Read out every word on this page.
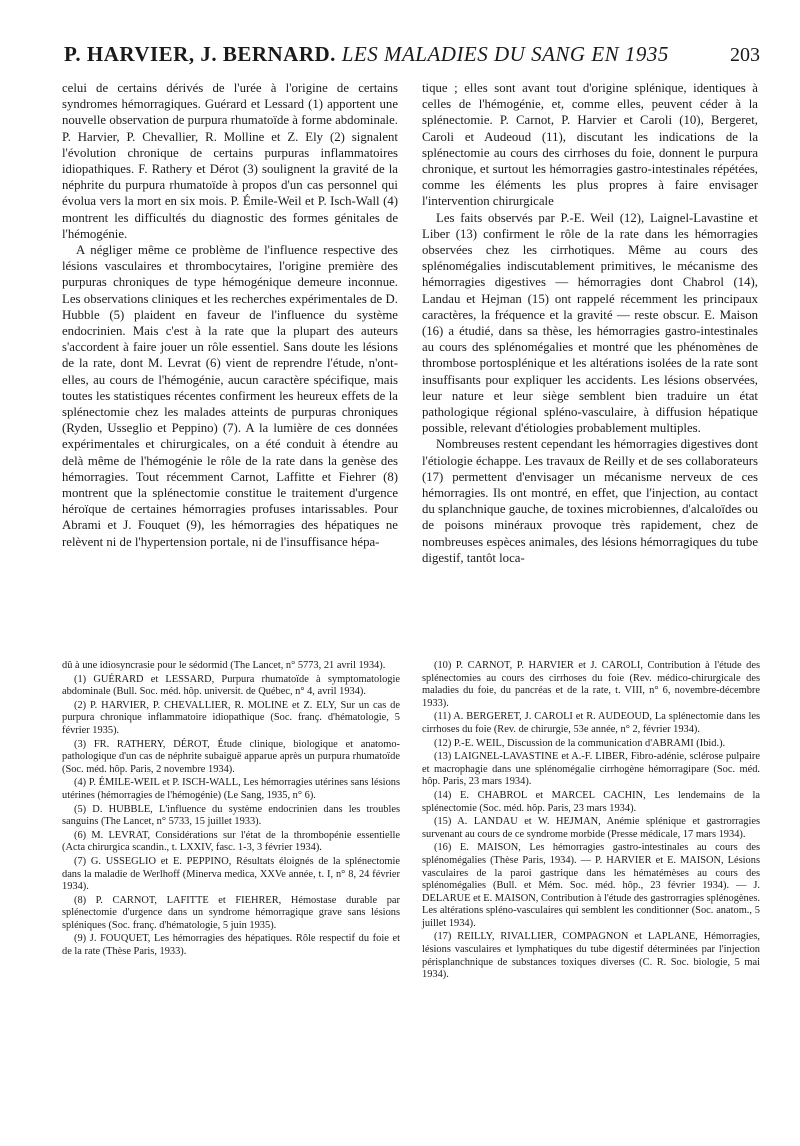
P. HARVIER, J. BERNARD. LES MALADIES DU SANG EN 1935	203

celui de certains dérivés de l'urée à l'origine de certains syndromes hémorragiques. Guérard et Lessard (1) apportent une nouvelle observation de purpura rhumatoïde à forme abdominale. P. Harvier, P. Chevallier, R. Molline et Z. Ely (2) signalent l'évolution chronique de certains purpuras inflammatoires idiopathiques. F. Rathery et Dérot (3) soulignent la gravité de la néphrite du purpura rhumatoïde à propos d'un cas personnel qui évolua vers la mort en six mois. P. Émile-Weil et P. Isch-Wall (4) montrent les difficultés du diagnostic des formes génitales de l'hémogénie.

A négliger même ce problème de l'influence respective des lésions vasculaires et thrombocytaires, l'origine première des purpuras chroniques de type hémogénique demeure inconnue. Les observations cliniques et les recherches expérimentales de D. Hubble (5) plaident en faveur de l'influence du système endocrinien. Mais c'est à la rate que la plupart des auteurs s'accordent à faire jouer un rôle essentiel. Sans doute les lésions de la rate, dont M. Levrat (6) vient de reprendre l'étude, n'ont-elles, au cours de l'hémogénie, aucun caractère spécifique, mais toutes les statistiques récentes confirment les heureux effets de la splénectomie chez les malades atteints de purpuras chroniques (Ryden, Usseglio et Peppino) (7). A la lumière de ces données expérimentales et chirurgicales, on a été conduit à étendre au delà même de l'hémogénie le rôle de la rate dans la genèse des hémorragies. Tout récemment Carnot, Laffitte et Fiehrer (8) montrent que la splénectomie constitue le traitement d'urgence héroïque de certaines hémorragies profuses intarissables. Pour Abrami et J. Fouquet (9), les hémorragies des hépatiques ne relèvent ni de l'hypertension portale, ni de l'insuffisance hépa-

tique ; elles sont avant tout d'origine splénique, identiques à celles de l'hémogénie, et, comme elles, peuvent céder à la splénectomie. P. Carnot, P. Harvier et Caroli (10), Bergeret, Caroli et Audeoud (11), discutant les indications de la splénectomie au cours des cirrhoses du foie, donnent le purpura chronique, et surtout les hémorragies gastro-intestinales répétées, comme les éléments les plus propres à faire envisager l'intervention chirurgicale

Les faits observés par P.-E. Weil (12), Laignel-Lavastine et Liber (13) confirment le rôle de la rate dans les hémorragies observées chez les cirrhotiques. Même au cours des splénomégalies indiscutablement primitives, le mécanisme des hémorragies digestives — hémorragies dont Chabrol (14), Landau et Hejman (15) ont rappelé récemment les principaux caractères, la fréquence et la gravité — reste obscur. E. Maison (16) a étudié, dans sa thèse, les hémorragies gastro-intestinales au cours des splénomégalies et montré que les phénomènes de thrombose portosplénique et les altérations isolées de la rate sont insuffisants pour expliquer les accidents. Les lésions observées, leur nature et leur siège semblent bien traduire un état pathologique régional spléno-vasculaire, à diffusion hépatique possible, relevant d'étiologies probablement multiples.

Nombreuses restent cependant les hémorragies digestives dont l'étiologie échappe. Les travaux de Reilly et de ses collaborateurs (17) permettent d'envisager un mécanisme nerveux de ces hémorragies. Ils ont montré, en effet, que l'injection, au contact du splanchnique gauche, de toxines microbiennes, d'alcaloïdes ou de poisons minéraux provoque très rapidement, chez de nombreuses espèces animales, des lésions hémorragiques du tube digestif, tantôt loca-

dû à une idiosyncrasie pour le sédormid (The Lancet, n° 5773, 21 avril 1934).

(1) GUÉRARD et LESSARD, Purpura rhumatoïde à symptomatologie abdominale (Bull. Soc. méd. hôp. universit. de Québec, n° 4, avril 1934).

(2) P. HARVIER, P. CHEVALLIER, R. MOLINE et Z. ELY, Sur un cas de purpura chronique inflammatoire idiopathique (Soc. franç. d'hématologie, 5 février 1935).

(3) FR. RATHERY, DÉROT, Étude clinique, biologique et anatomo-pathologique d'un cas de néphrite subaiguë apparue après un purpura rhumatoïde (Soc. méd. hôp. Paris, 2 novembre 1934).

(4) P. ÉMILE-WEIL et P. ISCH-WALL, Les hémorragies utérines sans lésions utérines (hémorragies de l'hémogénie) (Le Sang, 1935, n° 6).

(5) D. HUBBLE, L'influence du système endocrinien dans les troubles sanguins (The Lancet, n° 5733, 15 juillet 1933).

(6) M. LEVRAT, Considérations sur l'état de la thrombopénie essentielle (Acta chirurgica scandin., t. LXXIV, fasc. 1-3, 3 février 1934).

(7) G. USSEGLIO et E. PEPPINO, Résultats éloignés de la splénectomie dans la maladie de Werlhoff (Minerva medica, XXVe année, t. I, n° 8, 24 février 1934).

(8) P. CARNOT, LAFITTE et FIEHRER, Hémostase durable par splénectomie d'urgence dans un syndrome hémorragique grave sans lésions spléniques (Soc. franç. d'hématologie, 5 juin 1935).

(9) J. FOUQUET, Les hémorragies des hépatiques. Rôle respectif du foie et de la rate (Thèse Paris, 1933).

(10) P. CARNOT, P. HARVIER et J. CAROLI, Contribution à l'étude des splénectomies au cours des cirrhoses du foie (Rev. médico-chirurgicale des maladies du foie, du pancréas et de la rate, t. VIII, n° 6, novembre-décembre 1933).

(11) A. BERGERET, J. CAROLI et R. AUDEOUD, La splénectomie dans les cirrhoses du foie (Rev. de chirurgie, 53e année, n° 2, février 1934).

(12) P.-E. WEIL, Discussion de la communication d'ABRAMI (Ibid.).

(13) LAIGNEL-LAVASTINE et A.-F. LIBER, Fibro-adénie, sclérose pulpaire et macrophagie dans une splénomégalie cirrhogène hémorragipare (Soc. méd. hôp. Paris, 23 mars 1934).

(14) E. CHABROL et MARCEL CACHIN, Les lendemains de la splénectomie (Soc. méd. hôp. Paris, 23 mars 1934).

(15) A. LANDAU et W. HEJMAN, Anémie splénique et gastrorragies survenant au cours de ce syndrome morbide (Presse médicale, 17 mars 1934).

(16) E. MAISON, Les hémorragies gastro-intestinales au cours des splénomégalies (Thèse Paris, 1934). — P. HARVIER et E. MAISON, Lésions vasculaires de la paroi gastrique dans les hématémèses au cours des splénomégalies (Bull. et Mém. Soc. méd. hôp., 23 février 1934). — J. DELARUE et E. MAISON, Contribution à l'étude des gastrorragies splénogènes. Les altérations spléno-vasculaires qui semblent les conditionner (Soc. anatom., 5 juillet 1934).

(17) REILLY, RIVALLIER, COMPAGNON et LAPLANE, Hémorragies, lésions vasculaires et lymphatiques du tube digestif déterminées par l'injection périsplanchnique de substances toxiques diverses (C. R. Soc. biologie, 5 mai 1934).
